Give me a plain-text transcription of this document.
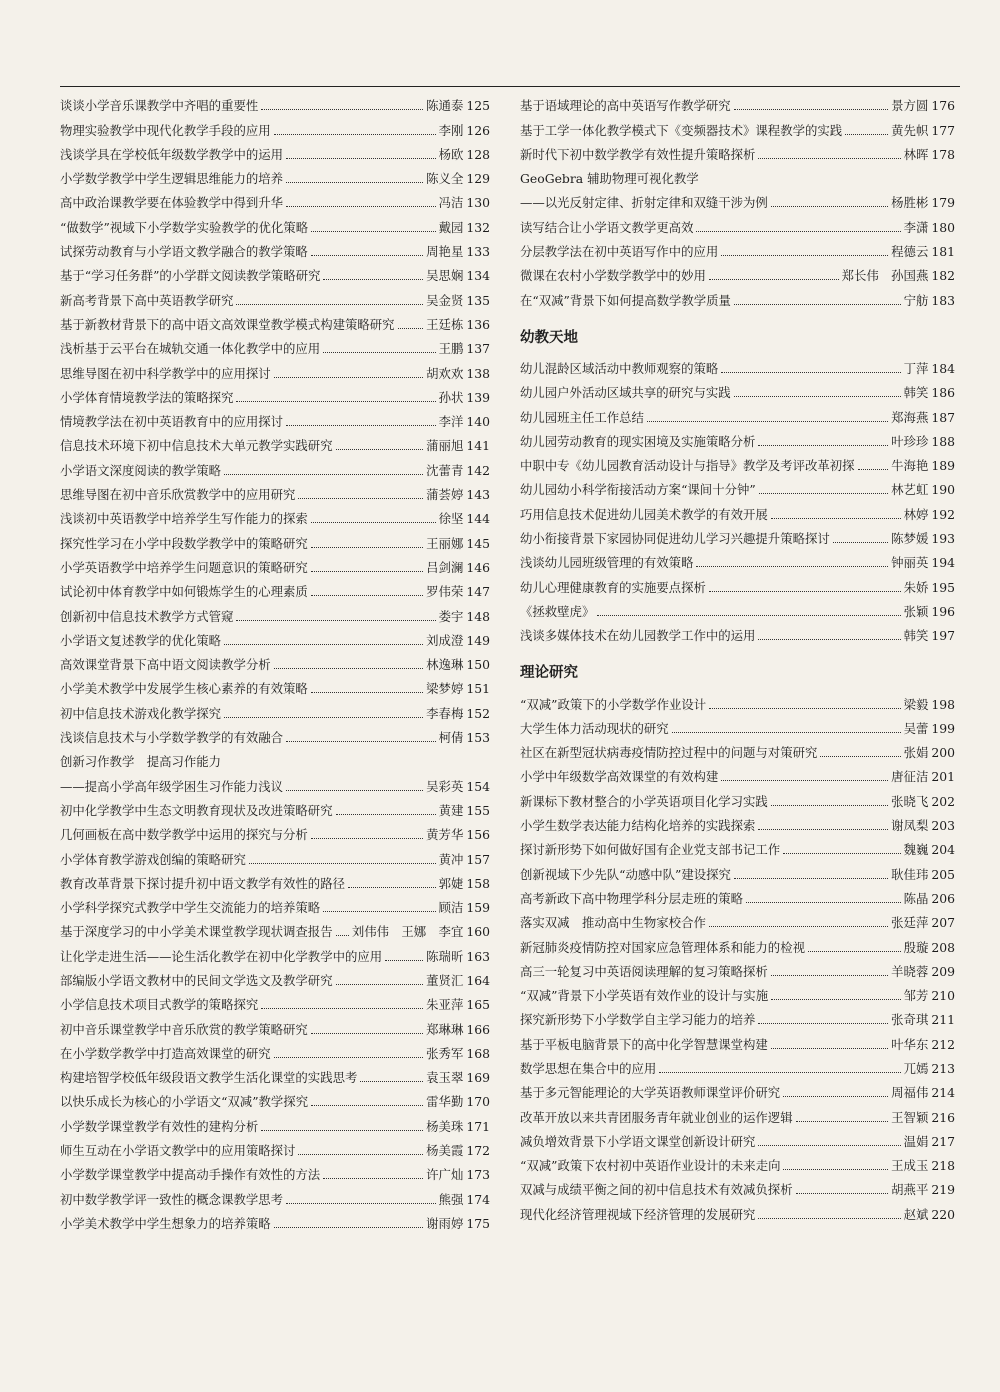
谈谈小学音乐课教学中齐唱的重要性	陈通泰 125
物理实验教学中现代化教学手段的应用	李刚 126
浅谈学具在学校低年级数学教学中的运用	杨欧 128
小学数学教学中学生逻辑思维能力的培养	陈义全 129
高中政治课教学要在体验教学中得到升华	冯洁 130
“做数学”视域下小学数学实验教学的优化策略	戴园 132
试探劳动教育与小学语文教学融合的教学策略	周艳星 133
基于“学习任务群”的小学群文阅读教学策略研究	吴思娴 134
新高考背景下高中英语教学研究	吴金贤 135
基于新教材背景下的高中语文高效课堂教学模式构建策略研究	王廷栋 136
浅析基于云平台在城轨交通一体化教学中的应用	王鹏 137
思维导图在初中科学教学中的应用探讨	胡欢欢 138
小学体育情境教学法的策略探究	孙状 139
情境教学法在初中英语教育中的应用探讨	李洋 140
信息技术环境下初中信息技术大单元教学实践研究	蒲丽旭 141
小学语文深度阅读的教学策略	沈蕾青 142
思维导图在初中音乐欣赏教学中的应用研究	蒲荟婷 143
浅谈初中英语教学中培养学生写作能力的探索	徐坚 144
探究性学习在小学中段数学教学中的策略研究	王丽娜 145
小学英语教学中培养学生问题意识的策略研究	吕剑澜 146
试论初中体育教学中如何锻炼学生的心理素质	罗伟荣 147
创新初中信息技术教学方式管窥	娄宇 148
小学语文复述教学的优化策略	刘成澄 149
高效课堂背景下高中语文阅读教学分析	林逸琳 150
小学美术教学中发展学生核心素养的有效策略	梁梦婷 151
初中信息技术游戏化教学探究	李春梅 152
浅谈信息技术与小学数学教学的有效融合	柯倩 153
创新习作教学　提高习作能力
——提高小学高年级学困生习作能力浅议	吴彩英 154
初中化学教学中生态文明教育现状及改进策略研究	黄建 155
几何画板在高中数学教学中运用的探究与分析	黄芳华 156
小学体育教学游戏创编的策略研究	黄冲 157
教育改革背景下探讨提升初中语文教学有效性的路径	郭婕 158
小学科学探究式教学中学生交流能力的培养策略	顾洁 159
基于深度学习的中小学美术课堂教学现状调查报告 刘伟伟　王娜　李宜 160
让化学走进生活——论生活化教学在初中化学教学中的应用	陈瑞昕 163
部编版小学语文教材中的民间文学选文及教学研究	董贤汇 164
小学信息技术项目式教学的策略探究	朱亚萍 165
初中音乐课堂教学中音乐欣赏的教学策略研究	郑琳琳 166
在小学数学教学中打造高效课堂的研究	张秀军 168
构建培智学校低年级段语文教学生活化课堂的实践思考	袁玉翠 169
以快乐成长为核心的小学语文“双减”教学探究	雷华勤 170
小学数学课堂教学有效性的建构分析	杨美珠 171
师生互动在小学语文教学中的应用策略探讨	杨美霞 172
小学数学课堂教学中提高动手操作有效性的方法	许广灿 173
初中数学教学评一致性的概念课教学思考	熊强 174
小学美术教学中学生想象力的培养策略	谢雨婷 175
基于语域理论的高中英语写作教学研究	景方圆 176
基于工学一体化教学模式下《变频器技术》课程教学的实践	黄先帜 177
新时代下初中数学教学有效性提升策略探析	林晖 178
GeoGebra 辅助物理可视化教学
——以光反射定律、折射定律和双缝干涉为例	杨胜彬 179
读写结合让小学语文教学更高效	李潇 180
分层教学法在初中英语写作中的应用	程德云 181
微课在农村小学数学教学中的妙用	郑长伟　孙国燕 182
在“双减”背景下如何提高数学教学质量	宁舫 183
幼教天地
幼儿混龄区域活动中教师观察的策略	丁萍 184
幼儿园户外活动区域共享的研究与实践	韩笑 186
幼儿园班主任工作总结	郑海燕 187
幼儿园劳动教育的现实困境及实施策略分析	叶珍珍 188
中职中专《幼儿园教育活动设计与指导》教学及考评改革初探	牛海艳 189
幼儿园幼小科学衔接活动方案“课间十分钟”	林艺虹 190
巧用信息技术促进幼儿园美术教学的有效开展	林婷 192
幼小衔接背景下家园协同促进幼儿学习兴趣提升策略探讨	陈梦媛 193
浅谈幼儿园班级管理的有效策略	钟丽英 194
幼儿心理健康教育的实施要点探析	朱娇 195
《拯救壁虎》	张颖 196
浅谈多媒体技术在幼儿园教学工作中的运用	韩笑 197
理论研究
“双减”政策下的小学数学作业设计	梁毅 198
大学生体力活动现状的研究	吴蕾 199
社区在新型冠状病毒疫情防控过程中的问题与对策研究	张娟 200
小学中年级数学高效课堂的有效构建	唐征洁 201
新课标下教材整合的小学英语项目化学习实践	张晓飞 202
小学生数学表达能力结构化培养的实践探索	谢凤梨 203
探讨新形势下如何做好国有企业党支部书记工作	魏巍 204
创新视域下少先队“动感中队”建设探究	耿佳玮 205
高考新政下高中物理学科分层走班的策略	陈晶 206
落实双减　推动高中生物家校合作	张廷萍 207
新冠肺炎疫情防控对国家应急管理体系和能力的检视	殷璇 208
高三一轮复习中英语阅读理解的复习策略探析	羊晓蓉 209
“双减”背景下小学英语有效作业的设计与实施	邹芳 210
探究新形势下小学数学自主学习能力的培养	张奇琪 211
基于平板电脑背景下的高中化学智慧课堂构建	叶华东 212
数学思想在集合中的应用	兀嫣 213
基于多元智能理论的大学英语教师课堂评价研究	周福伟 214
改革开放以来共青团服务青年就业创业的运作逻辑	王智颖 216
减负增效背景下小学语文课堂创新设计研究	温娟 217
“双减”政策下农村初中英语作业设计的未来走向	王成玉 218
双减与成绩平衡之间的初中信息技术有效减负探析	胡燕平 219
现代化经济管理视域下经济管理的发展研究	赵斌 220
